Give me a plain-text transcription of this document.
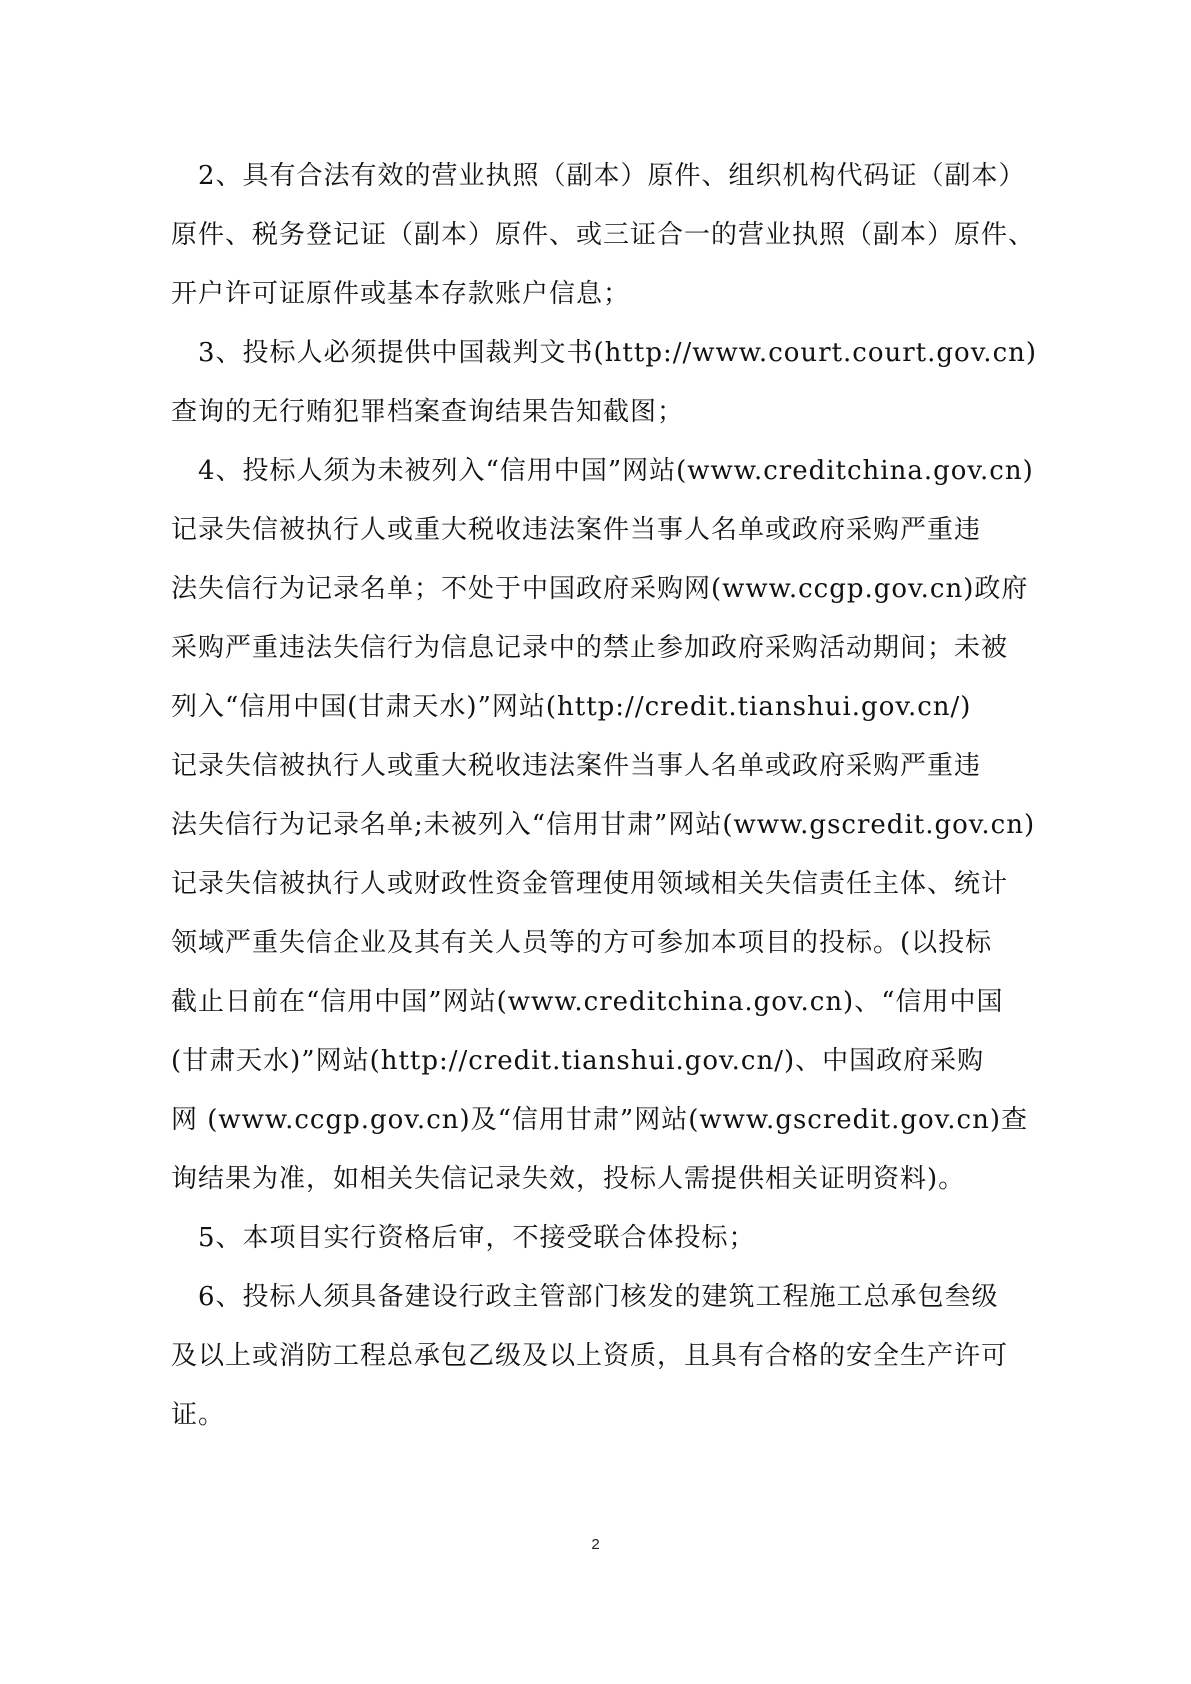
2、具有合法有效的营业执照（副本）原件、组织机构代码证（副本）
原件、税务登记证（副本）原件、或三证合一的营业执照（副本）原件、
开户许可证原件或基本存款账户信息；
3、投标人必须提供中国裁判文书(http://www.court.court.gov.cn)
查询的无行贿犯罪档案查询结果告知截图；
4、投标人须为未被列入“信用中国”网站(www.creditchina.gov.cn)
记录失信被执行人或重大税收违法案件当事人名单或政府采购严重违
法失信行为记录名单；不处于中国政府采购网(www.ccgp.gov.cn)政府
采购严重违法失信行为信息记录中的禁止参加政府采购活动期间；未被
列入“信用中国(甘肃天水)”网站(http://credit.tianshui.gov.cn/)
记录失信被执行人或重大税收违法案件当事人名单或政府采购严重违
法失信行为记录名单;未被列入“信用甘肃”网站(www.gscredit.gov.cn)
记录失信被执行人或财政性资金管理使用领域相关失信责任主体、统计
领域严重失信企业及其有关人员等的方可参加本项目的投标。(以投标
截止日前在“信用中国”网站(www.creditchina.gov.cn)、“信用中国
(甘肃天水)”网站(http://credit.tianshui.gov.cn/)、中国政府采购
网 (www.ccgp.gov.cn)及“信用甘肃”网站(www.gscredit.gov.cn)查
询结果为准，如相关失信记录失效，投标人需提供相关证明资料)。
5、本项目实行资格后审，不接受联合体投标；
6、投标人须具备建设行政主管部门核发的建筑工程施工总承包叁级
及以上或消防工程总承包乙级及以上资质，且具有合格的安全生产许可
证。
2
